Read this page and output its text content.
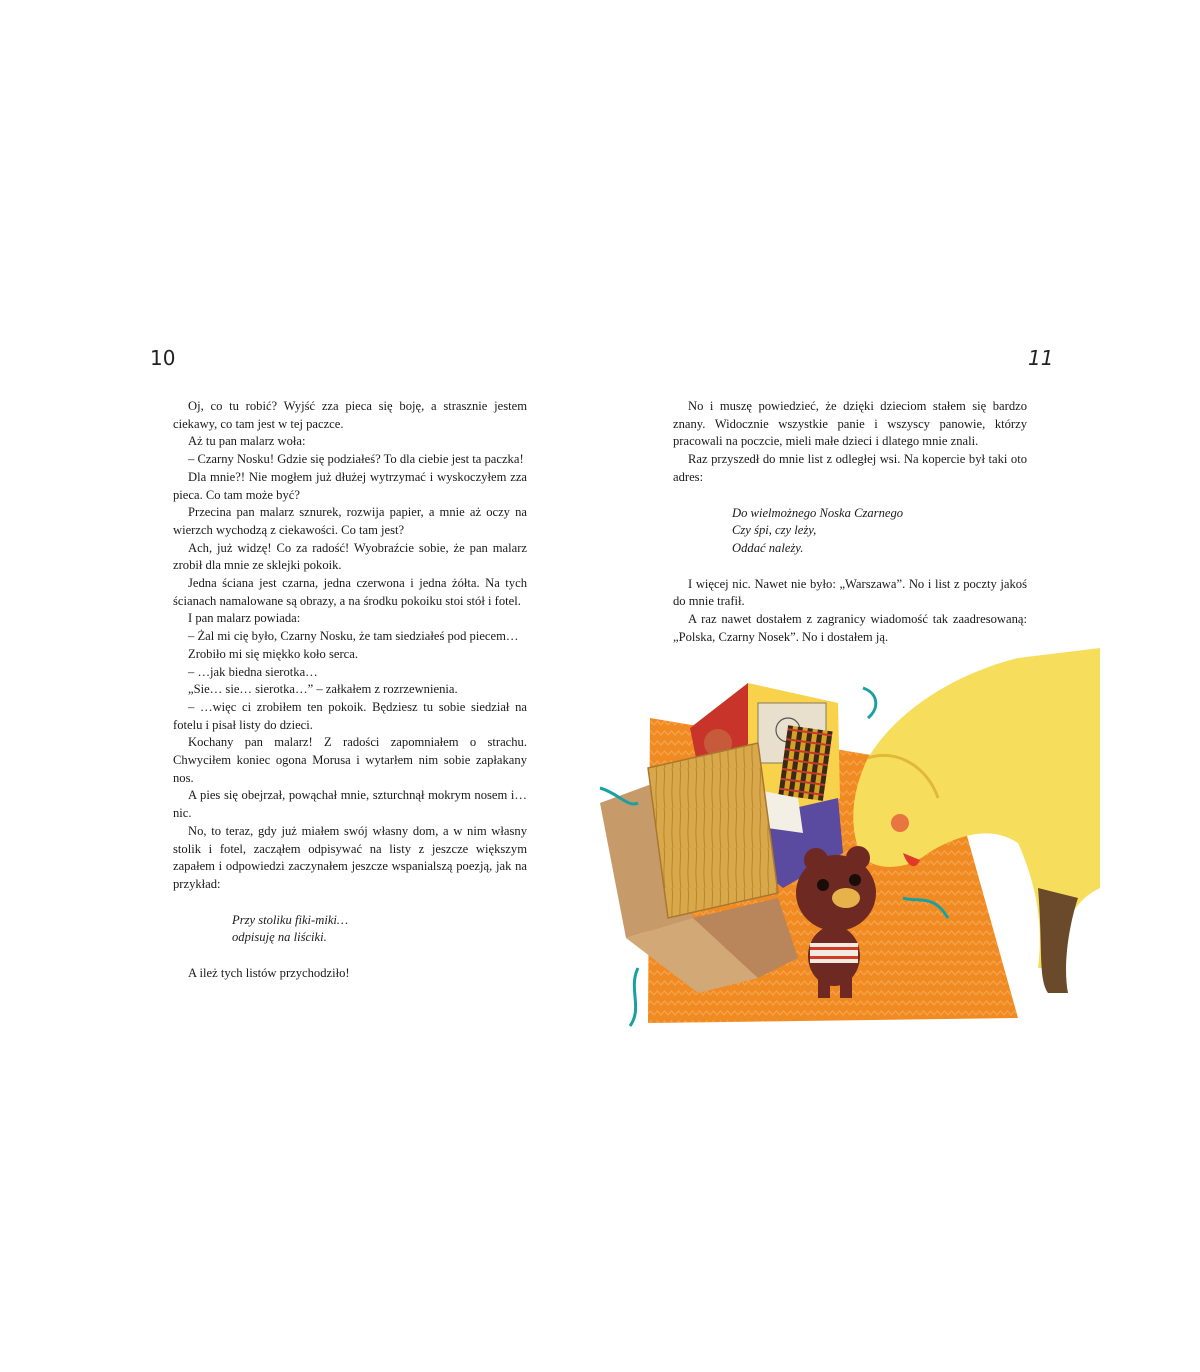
10	11

Oj, co tu robić? Wyjść zza pieca się boję, a strasznie jestem ciekawy, co tam jest w tej paczce.

Aż tu pan malarz woła:

– Czarny Nosku! Gdzie się podziałeś? To dla ciebie jest ta paczka!

Dla mnie?! Nie mogłem już dłużej wytrzymać i wyskoczyłem zza pieca. Co tam może być?

Przecina pan malarz sznurek, rozwija papier, a mnie aż oczy na wierzch wychodzą z ciekawości. Co tam jest?

Ach, już widzę! Co za radość! Wyobraźcie sobie, że pan malarz zrobił dla mnie ze sklejki pokoik.

Jedna ściana jest czarna, jedna czerwona i jedna żółta. Na tych ścianach namalowane są obrazy, a na środku pokoiku stoi stół i fotel.

I pan malarz powiada:

– Żal mi cię było, Czarny Nosku, że tam siedziałeś pod piecem…

Zrobiło mi się miękko koło serca.

– …jak biedna sierotka…

„Sie… sie… sierotka…” – załkałem z rozrzewnienia.

– …więc ci zrobiłem ten pokoik. Będziesz tu sobie siedział na fotelu i pisał listy do dzieci.

Kochany pan malarz! Z radości zapomniałem o strachu. Chwyciłem koniec ogona Morusa i wytarłem nim sobie zapłakany nos.

A pies się obejrzał, powąchał mnie, szturchnął mokrym nosem i… nic.

No, to teraz, gdy już miałem swój własny dom, a w nim własny stolik i fotel, zacząłem odpisywać na listy z jeszcze większym zapałem i odpowiedzi zaczynałem jeszcze wspanialszą poezją, jak na przykład:

Przy stoliku fiki-miki…
odpisuję na liściki.

A ileż tych listów przychodziło!

No i muszę powiedzieć, że dzięki dzieciom stałem się bardzo znany. Widocznie wszystkie panie i wszyscy panowie, którzy pracowali na poczcie, mieli małe dzieci i dlatego mnie znali.

Raz przyszedł do mnie list z odległej wsi. Na kopercie był taki oto adres:

Do wielmożnego Noska Czarnego
Czy śpi, czy leży,
Oddać należy.

I więcej nic. Nawet nie było: „Warszawa”. No i list z poczty jakoś do mnie trafił.

A raz nawet dostałem z zagranicy wiadomość tak zaadresowaną: „Polska, Czarny Nosek”. No i dostałem ją.
